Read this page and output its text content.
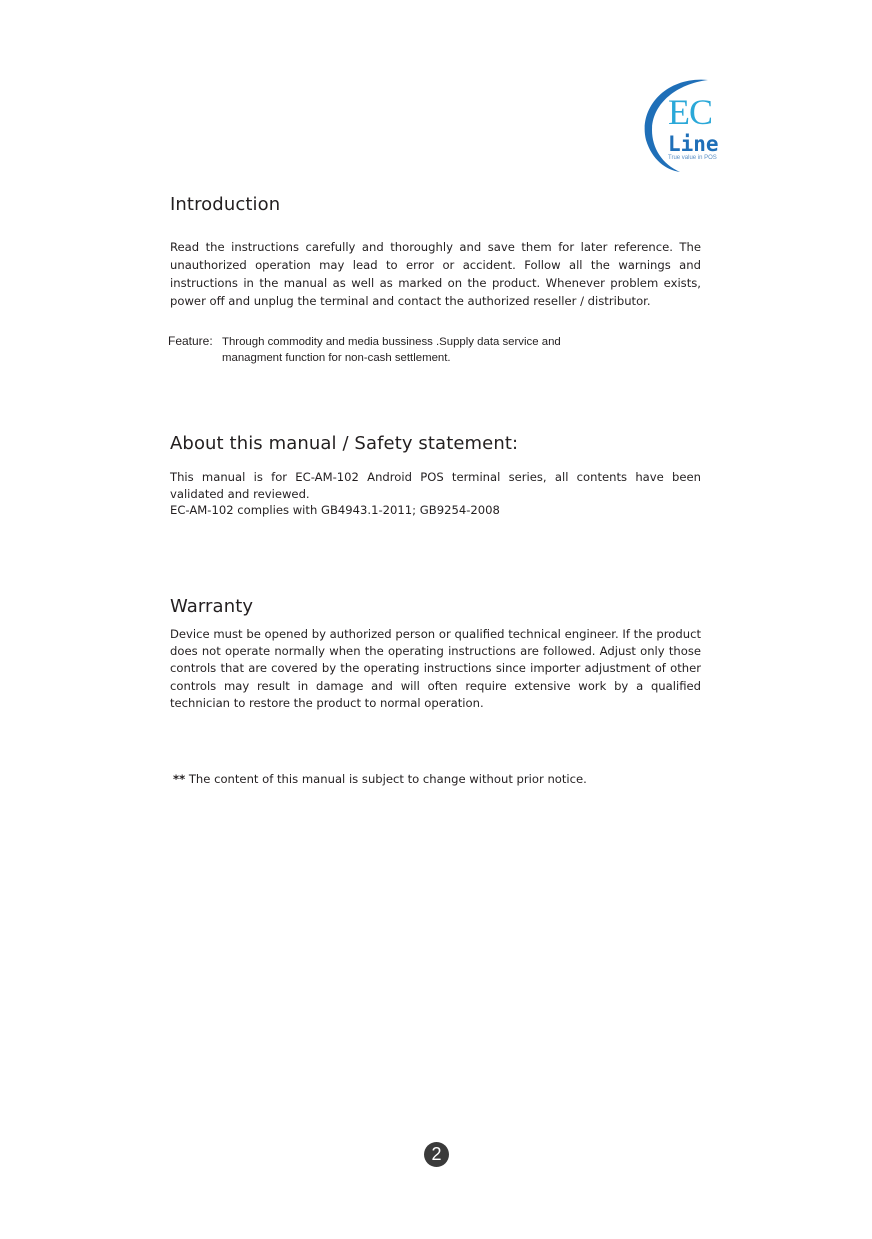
EC
Line
True value in POS
Introduction

Read the instructions carefully and thoroughly and save them for later reference. The unauthorized operation may lead to error or accident. Follow all the warnings and instructions in the manual as well as marked on the product. Whenever problem exists, power off and unplug the terminal and contact the authorized reseller / distributor.

Feature: Through commodity and media bussiness .Supply data service and
managment function for non-cash settlement.
About this manual / Safety statement:

This manual is for EC-AM-102 Android POS terminal series, all contents have been validated and reviewed.

EC-AM-102 complies with GB4943.1-2011; GB9254-2008

Warranty

Device must be opened by authorized person or qualified technical engineer. If the product does not operate normally when the operating instructions are followed. Adjust only those controls that are covered by the operating instructions since importer adjustment of other controls may result in damage and will often require extensive work by a qualified technician to restore the product to normal operation.

** The content of this manual is subject to change without prior notice.
2
